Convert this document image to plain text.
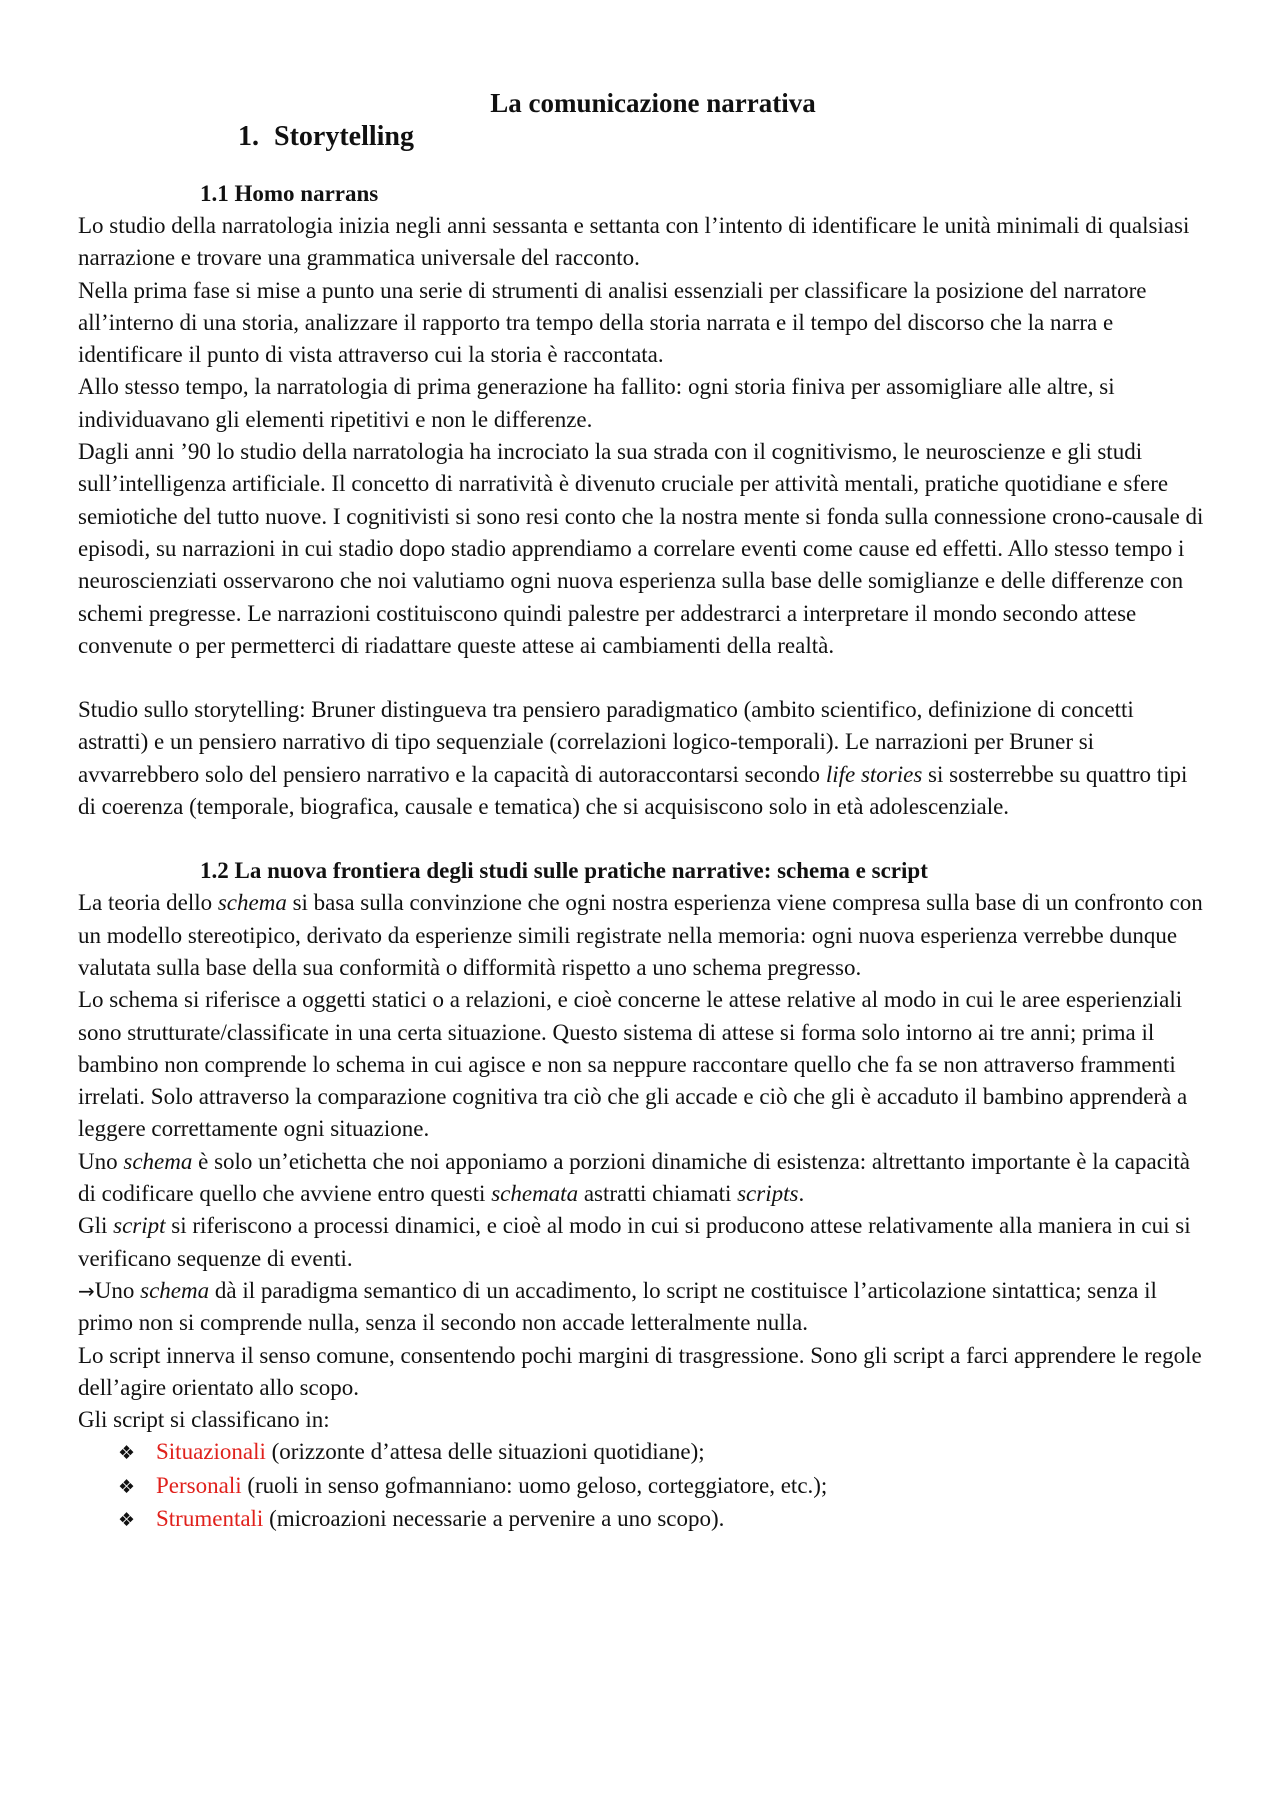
La comunicazione narrativa
1. Storytelling
1.1 Homo narrans

Lo studio della narratologia inizia negli anni sessanta e settanta con l’intento di identificare le unità minimali di qualsiasi narrazione e trovare una grammatica universale del racconto.

Nella prima fase si mise a punto una serie di strumenti di analisi essenziali per classificare la posizione del narratore all’interno di una storia, analizzare il rapporto tra tempo della storia narrata e il tempo del discorso che la narra e identificare il punto di vista attraverso cui la storia è raccontata.

Allo stesso tempo, la narratologia di prima generazione ha fallito: ogni storia finiva per assomigliare alle altre, si individuavano gli elementi ripetitivi e non le differenze.

Dagli anni ’90 lo studio della narratologia ha incrociato la sua strada con il cognitivismo, le neuroscienze e gli studi sull’intelligenza artificiale. Il concetto di narratività è divenuto cruciale per attività mentali, pratiche quotidiane e sfere semiotiche del tutto nuove. I cognitivisti si sono resi conto che la nostra mente si fonda sulla connessione crono-causale di episodi, su narrazioni in cui stadio dopo stadio apprendiamo a correlare eventi come cause ed effetti. Allo stesso tempo i neuroscienziati osservarono che noi valutiamo ogni nuova esperienza sulla base delle somiglianze e delle differenze con schemi pregresse. Le narrazioni costituiscono quindi palestre per addestrarci a interpretare il mondo secondo attese convenute o per permetterci di riadattare queste attese ai cambiamenti della realtà.

Studio sullo storytelling: Bruner distingueva tra pensiero paradigmatico (ambito scientifico, definizione di concetti astratti) e un pensiero narrativo di tipo sequenziale (correlazioni logico-temporali). Le narrazioni per Bruner si avvarrebbero solo del pensiero narrativo e la capacità di autoraccontarsi secondo life stories si sosterrebbe su quattro tipi di coerenza (temporale, biografica, causale e tematica) che si acquisiscono solo in età adolescenziale.

1.2 La nuova frontiera degli studi sulle pratiche narrative: schema e script

La teoria dello schema si basa sulla convinzione che ogni nostra esperienza viene compresa sulla base di un confronto con un modello stereotipico, derivato da esperienze simili registrate nella memoria: ogni nuova esperienza verrebbe dunque valutata sulla base della sua conformità o difformità rispetto a uno schema pregresso.

Lo schema si riferisce a oggetti statici o a relazioni, e cioè concerne le attese relative al modo in cui le aree esperienziali sono strutturate/classificate in una certa situazione. Questo sistema di attese si forma solo intorno ai tre anni; prima il bambino non comprende lo schema in cui agisce e non sa neppure raccontare quello che fa se non attraverso frammenti irrelati. Solo attraverso la comparazione cognitiva tra ciò che gli accade e ciò che gli è accaduto il bambino apprenderà a leggere correttamente ogni situazione.

Uno schema è solo un’etichetta che noi apponiamo a porzioni dinamiche di esistenza: altrettanto importante è la capacità di codificare quello che avviene entro questi schemata astratti chiamati scripts.

Gli script si riferiscono a processi dinamici, e cioè al modo in cui si producono attese relativamente alla maniera in cui si verificano sequenze di eventi.

→Uno schema dà il paradigma semantico di un accadimento, lo script ne costituisce l’articolazione sintattica; senza il primo non si comprende nulla, senza il secondo non accade letteralmente nulla.

Lo script innerva il senso comune, consentendo pochi margini di trasgressione. Sono gli script a farci apprendere le regole dell’agire orientato allo scopo.

Gli script si classificano in:

❖ Situazionali (orizzonte d’attesa delle situazioni quotidiane);
❖ Personali (ruoli in senso gofmanniano: uomo geloso, corteggiatore, etc.);
❖ Strumentali (microazioni necessarie a pervenire a uno scopo).
